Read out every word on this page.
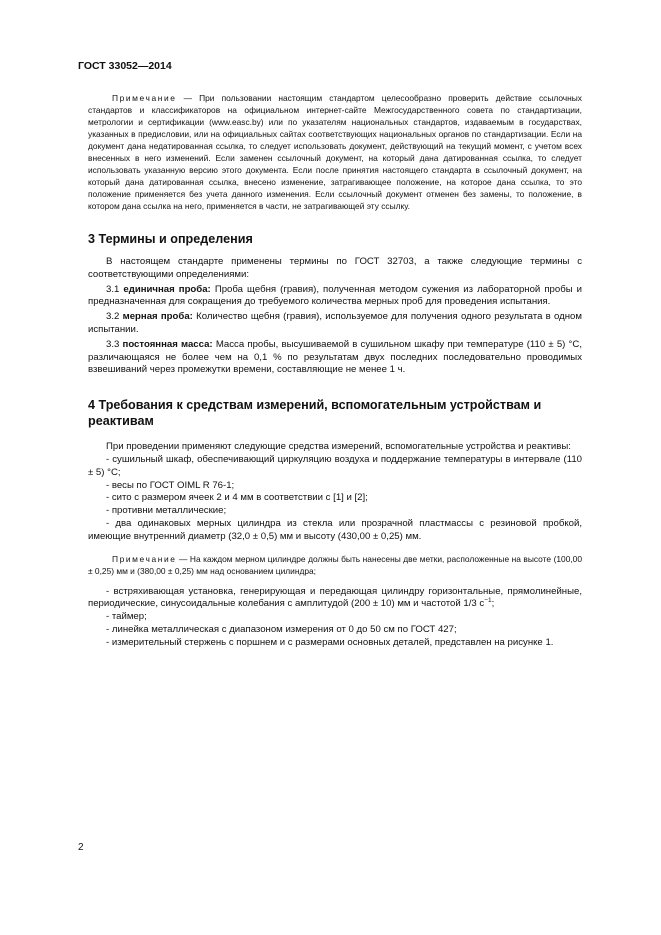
ГОСТ 33052—2014

Примечание — При пользовании настоящим стандартом целесообразно проверить действие ссылочных стандартов и классификаторов на официальном интернет-сайте Межгосударственного совета по стандартизации, метрологии и сертификации (www.easc.by) или по указателям национальных стандартов, издаваемым в государствах, указанных в предисловии, или на официальных сайтах соответствующих национальных органов по стандартизации. Если на документ дана недатированная ссылка, то следует использовать документ, действующий на текущий момент, с учетом всех внесенных в него изменений. Если заменен ссылочный документ, на который дана датированная ссылка, то следует использовать указанную версию этого документа. Если после принятия настоящего стандарта в ссылочный документ, на который дана датированная ссылка, внесено изменение, затрагивающее положение, на которое дана ссылка, то это положение применяется без учета данного изменения. Если ссылочный документ отменен без замены, то положение, в котором дана ссылка на него, применяется в части, не затрагивающей эту ссылку.

3 Термины и определения

В настоящем стандарте применены термины по ГОСТ 32703, а также следующие термины с соответствующими определениями:

3.1 единичная проба: Проба щебня (гравия), полученная методом сужения из лабораторной пробы и предназначенная для сокращения до требуемого количества мерных проб для проведения испытания.

3.2 мерная проба: Количество щебня (гравия), используемое для получения одного результата в одном испытании.

3.3 постоянная масса: Масса пробы, высушиваемой в сушильном шкафу при температуре (110 ± 5) °С, различающаяся не более чем на 0,1 % по результатам двух последних последовательно проводимых взвешиваний через промежутки времени, составляющие не менее 1 ч.

4 Требования к средствам измерений, вспомогательным устройствам и реактивам

При проведении применяют следующие средства измерений, вспомогательные устройства и реактивы:

- сушильный шкаф, обеспечивающий циркуляцию воздуха и поддержание температуры в интервале (110 ± 5) °С;

- весы по ГОСТ OIML R 76-1;

- сито с размером ячеек 2 и 4 мм в соответствии с [1] и [2];

- противни металлические;

- два одинаковых мерных цилиндра из стекла или прозрачной пластмассы с резиновой пробкой, имеющие внутренний диаметр (32,0 ± 0,5) мм и высоту (430,00 ± 0,25) мм.

Примечание — На каждом мерном цилиндре должны быть нанесены две метки, расположенные на высоте (100,00 ± 0,25) мм и (380,00 ± 0,25) мм над основанием цилиндра;

- встряхивающая установка, генерирующая и передающая цилиндру горизонтальные, прямолинейные, периодические, синусоидальные колебания с амплитудой (200 ± 10) мм и частотой 1/3 $с^{-1}$;

- таймер;

- линейка металлическая с диапазоном измерения от 0 до 50 см по ГОСТ 427;

- измерительный стержень с поршнем и с размерами основных деталей, представлен на рисунке 1.

2
